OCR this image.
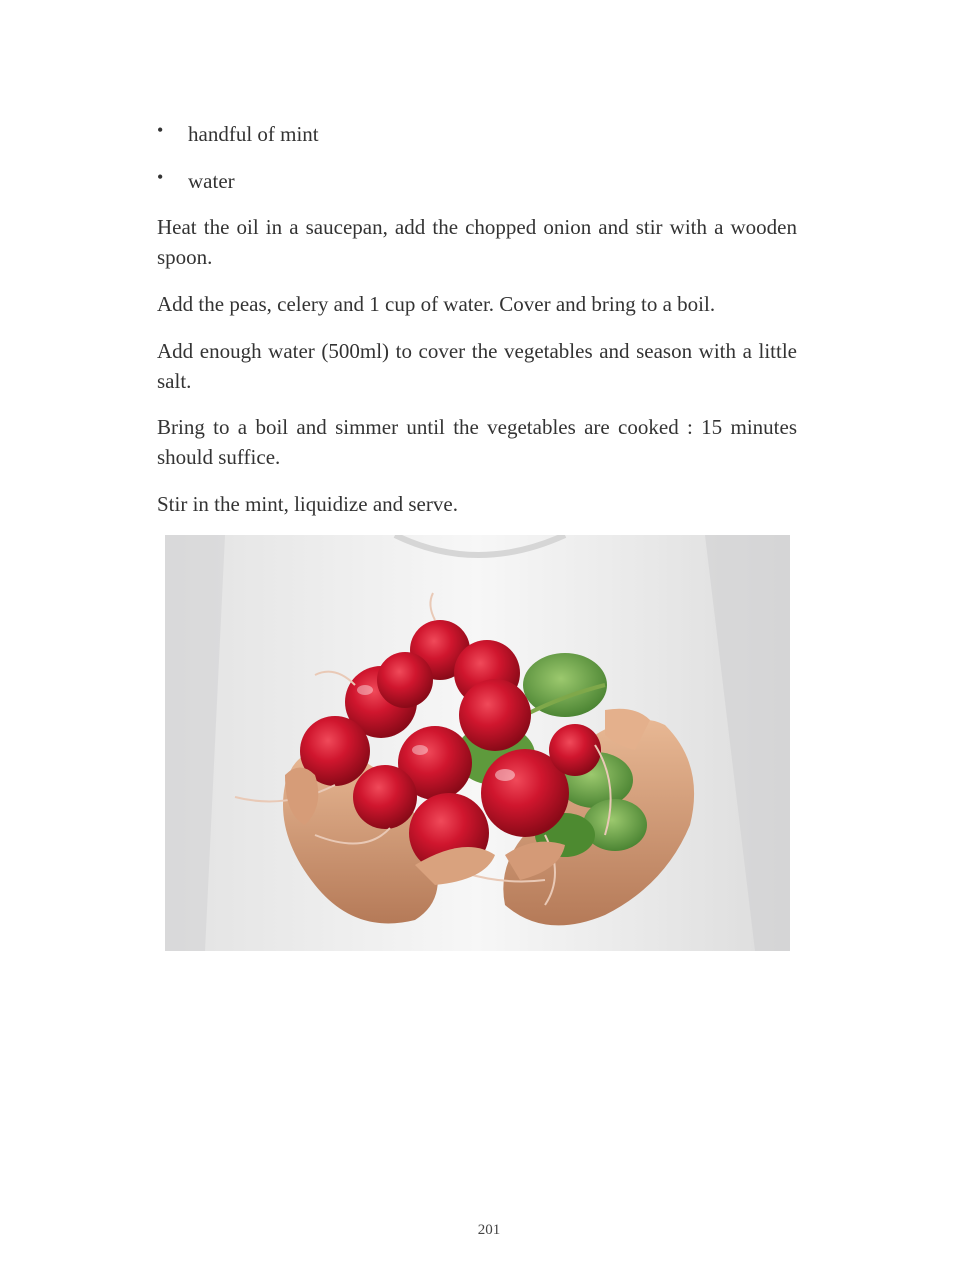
• handful of mint
• water

Heat the oil in a saucepan, add the chopped onion and stir with a wooden spoon.

Add the peas, celery and 1 cup of water. Cover and bring to a boil.

Add enough water (500ml) to cover the vegetables and season with a little salt.

Bring to a boil and simmer until the vegetables are cooked : 15 minutes should suffice.

Stir in the mint, liquidize and serve.

201
